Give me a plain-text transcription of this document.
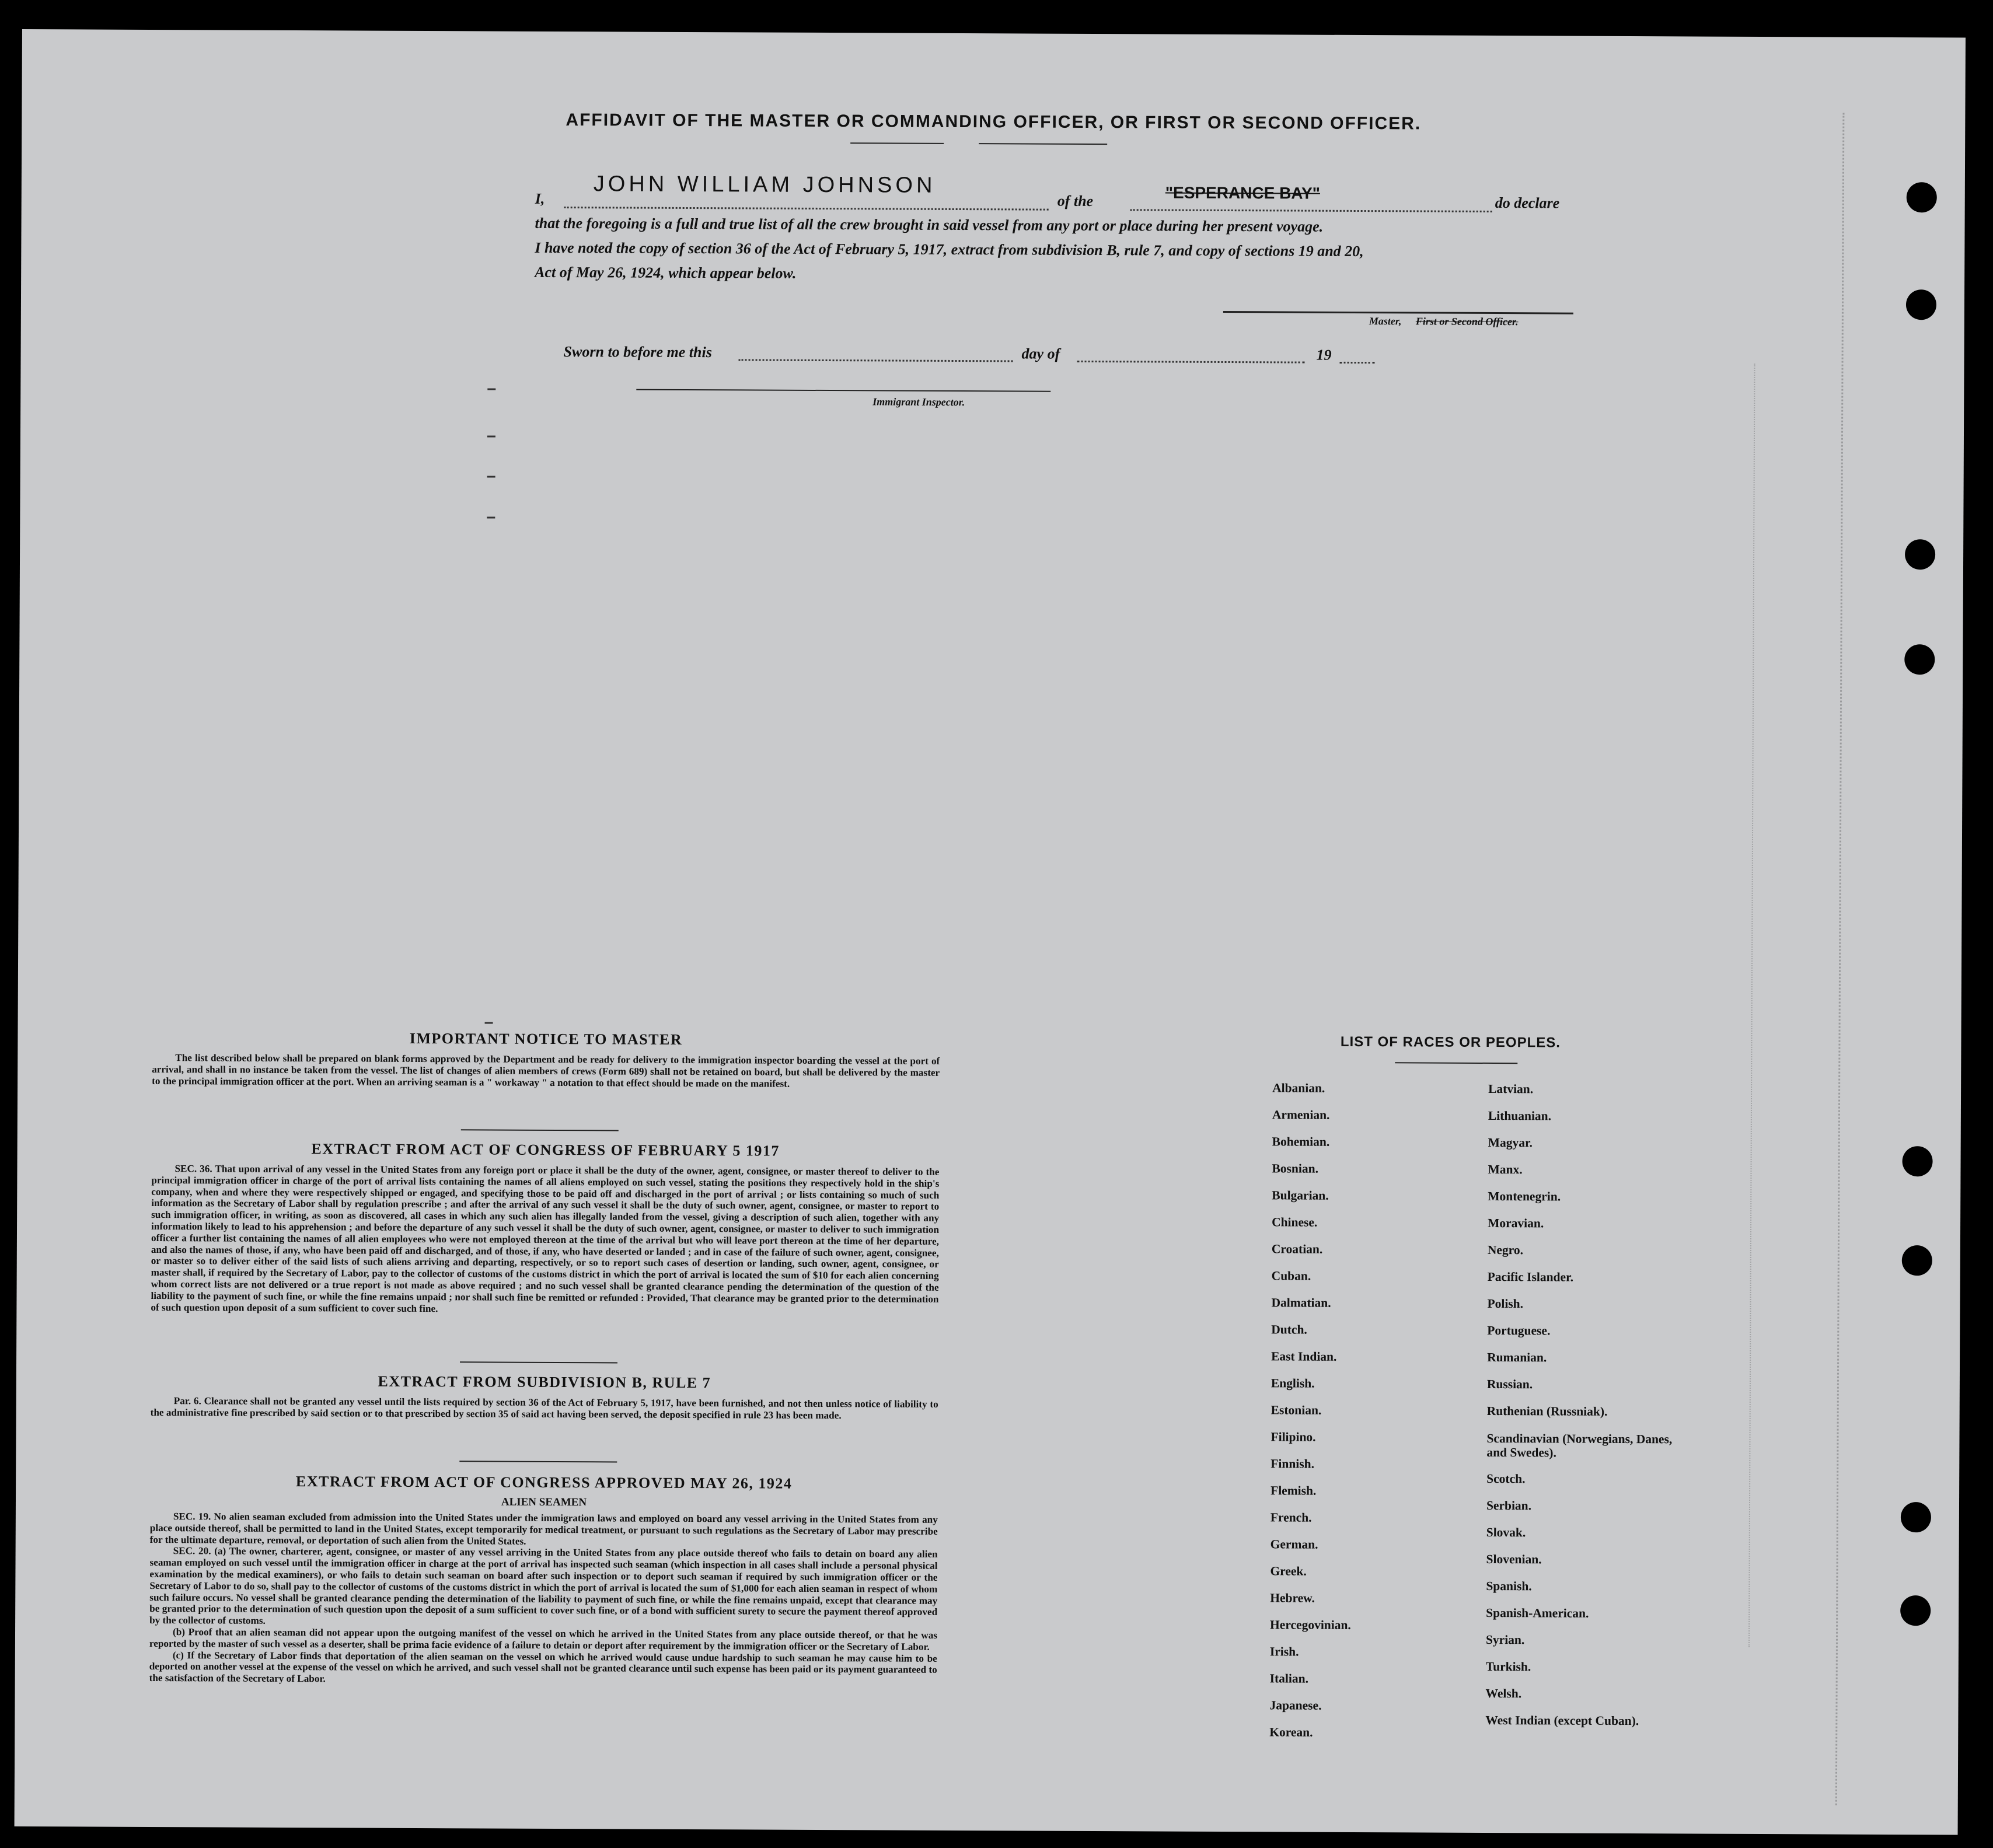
AFFIDAVIT OF THE MASTER OR COMMANDING OFFICER, OR FIRST OR SECOND OFFICER.
I,
JOHN WILLIAM JOHNSON
of the	"ESPERANCE BAY"
do declare
that the foregoing is a full and true list of all the crew brought in said vessel from any port or place during her present voyage.
I have noted the copy of section 36 of the Act of February 5, 1917, extract from subdivision B, rule 7, and copy of sections 19 and 20,
Act of May 26, 1924, which appear below.
Master, First or Second Officer.
Sworn to before me this	day of	19
Immigrant Inspector.
IMPORTANT NOTICE TO MASTER

The list described below shall be prepared on blank forms approved by the Department and be ready for delivery to the immigration inspector boarding the vessel at the port of arrival, and shall in no instance be taken from the vessel. The list of changes of alien members of crews (Form 689) shall not be retained on board, but shall be delivered by the master to the principal immigration officer at the port. When an arriving seaman is a " workaway " a notation to that effect should be made on the manifest.

EXTRACT FROM ACT OF CONGRESS OF FEBRUARY 5 1917

SEC. 36. That upon arrival of any vessel in the United States from any foreign port or place it shall be the duty of the owner, agent, consignee, or master thereof to deliver to the principal immigration officer in charge of the port of arrival lists containing the names of all aliens employed on such vessel, stating the positions they respectively hold in the ship's company, when and where they were respectively shipped or engaged, and specifying those to be paid off and discharged in the port of arrival ; or lists containing so much of such information as the Secretary of Labor shall by regulation prescribe ; and after the arrival of any such vessel it shall be the duty of such owner, agent, consignee, or master to report to such immigration officer, in writing, as soon as discovered, all cases in which any such alien has illegally landed from the vessel, giving a description of such alien, together with any information likely to lead to his apprehension ; and before the departure of any such vessel it shall be the duty of such owner, agent, consignee, or master to deliver to such immigration officer a further list containing the names of all alien employees who were not employed thereon at the time of the arrival but who will leave port thereon at the time of her departure, and also the names of those, if any, who have been paid off and discharged, and of those, if any, who have deserted or landed ; and in case of the failure of such owner, agent, consignee, or master so to deliver either of the said lists of such aliens arriving and departing, respectively, or so to report such cases of desertion or landing, such owner, agent, consignee, or master shall, if required by the Secretary of Labor, pay to the collector of customs of the customs district in which the port of arrival is located the sum of $10 for each alien concerning whom correct lists are not delivered or a true report is not made as above required ; and no such vessel shall be granted clearance pending the determination of the question of the liability to the payment of such fine, or while the fine remains unpaid ; nor shall such fine be remitted or refunded : Provided, That clearance may be granted prior to the determination of such question upon deposit of a sum sufficient to cover such fine.

EXTRACT FROM SUBDIVISION B, RULE 7

Par. 6. Clearance shall not be granted any vessel until the lists required by section 36 of the Act of February 5, 1917, have been furnished, and not then unless notice of liability to the administrative fine prescribed by said section or to that prescribed by section 35 of said act having been served, the deposit specified in rule 23 has been made.

EXTRACT FROM ACT OF CONGRESS APPROVED MAY 26, 1924
ALIEN SEAMEN

SEC. 19. No alien seaman excluded from admission into the United States under the immigration laws and employed on board any vessel arriving in the United States from any place outside thereof, shall be permitted to land in the United States, except temporarily for medical treatment, or pursuant to such regulations as the Secretary of Labor may prescribe for the ultimate departure, removal, or deportation of such alien from the United States.

SEC. 20. (a) The owner, charterer, agent, consignee, or master of any vessel arriving in the United States from any place outside thereof who fails to detain on board any alien seaman employed on such vessel until the immigration officer in charge at the port of arrival has inspected such seaman (which inspection in all cases shall include a personal physical examination by the medical examiners), or who fails to detain such seaman on board after such inspection or to deport such seaman if required by such immigration officer or the Secretary of Labor to do so, shall pay to the collector of customs of the customs district in which the port of arrival is located the sum of $1,000 for each alien seaman in respect of whom such failure occurs. No vessel shall be granted clearance pending the determination of the liability to payment of such fine, or while the fine remains unpaid, except that clearance may be granted prior to the determination of such question upon the deposit of a sum sufficient to cover such fine, or of a bond with sufficient surety to secure the payment thereof approved by the collector of customs.

(b) Proof that an alien seaman did not appear upon the outgoing manifest of the vessel on which he arrived in the United States from any place outside thereof, or that he was reported by the master of such vessel as a deserter, shall be prima facie evidence of a failure to detain or deport after requirement by the immigration officer or the Secretary of Labor.

(c) If the Secretary of Labor finds that deportation of the alien seaman on the vessel on which he arrived would cause undue hardship to such seaman he may cause him to be deported on another vessel at the expense of the vessel on which he arrived, and such vessel shall not be granted clearance until such expense has been paid or its payment guaranteed to the satisfaction of the Secretary of Labor.

LIST OF RACES OR PEOPLES.
Albanian.
Armenian.
Bohemian.
Bosnian.
Bulgarian.
Chinese.
Croatian.
Cuban.
Dalmatian.
Dutch.
East Indian.
English.
Estonian.
Filipino.
Finnish.
Flemish.
French.
German.
Greek.
Hebrew.
Hercegovinian.
Irish.
Italian.
Japanese.
Korean.
Latvian.
Lithuanian.
Magyar.
Manx.
Montenegrin.
Moravian.
Negro.
Pacific Islander.
Polish.
Portuguese.
Rumanian.
Russian.
Ruthenian (Russniak).
Scandinavian (Norwegians, Danes, and Swedes).
Scotch.
Serbian.
Slovak.
Slovenian.
Spanish.
Spanish-American.
Syrian.
Turkish.
Welsh.
West Indian (except Cuban).
